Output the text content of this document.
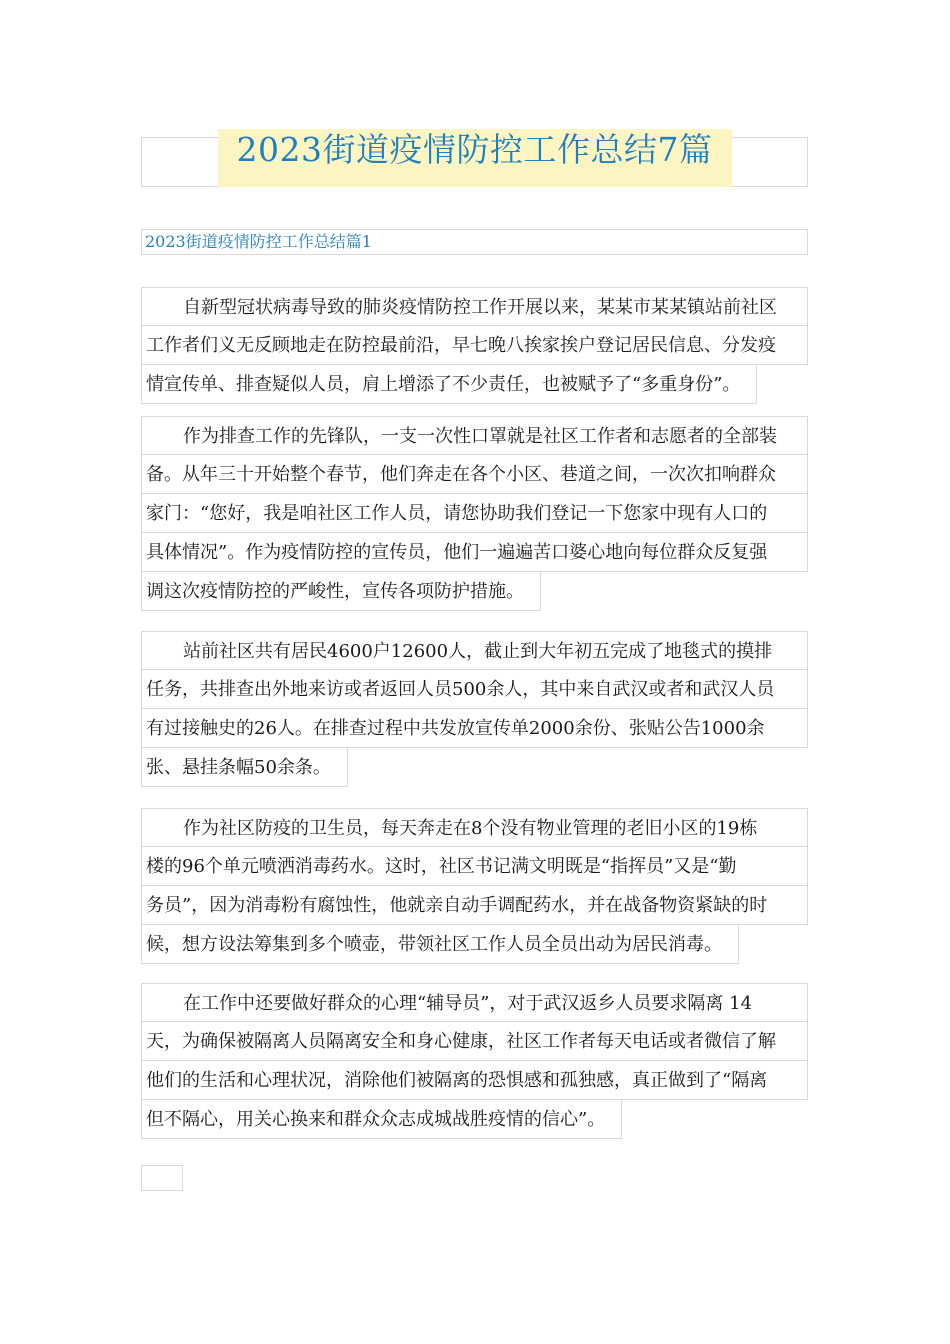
2023街道疫情防控工作总结7篇
2023街道疫情防控工作总结篇1
自新型冠状病毒导致的肺炎疫情防控工作开展以来，某某市某某镇站前社区
工作者们义无反顾地走在防控最前沿，早七晚八挨家挨户登记居民信息、分发疫
情宣传单、排查疑似人员，肩上增添了不少责任，也被赋予了“多重身份”。
作为排查工作的先锋队，一支一次性口罩就是社区工作者和志愿者的全部装
备。从年三十开始整个春节，他们奔走在各个小区、巷道之间，一次次扣响群众
家门：“您好，我是咱社区工作人员，请您协助我们登记一下您家中现有人口的
具体情况”。作为疫情防控的宣传员，他们一遍遍苦口婆心地向每位群众反复强
调这次疫情防控的严峻性，宣传各项防护措施。
站前社区共有居民4600户12600人，截止到大年初五完成了地毯式的摸排
任务，共排查出外地来访或者返回人员500余人，其中来自武汉或者和武汉人员
有过接触史的26人。在排查过程中共发放宣传单2000余份、张贴公告1000余
张、悬挂条幅50余条。
作为社区防疫的卫生员，每天奔走在8个没有物业管理的老旧小区的19栋
楼的96个单元喷洒消毒药水。这时，社区书记满文明既是“指挥员”又是“勤
务员”，因为消毒粉有腐蚀性，他就亲自动手调配药水，并在战备物资紧缺的时
候，想方设法筹集到多个喷壶，带领社区工作人员全员出动为居民消毒。
在工作中还要做好群众的心理“辅导员”，对于武汉返乡人员要求隔离 14
天，为确保被隔离人员隔离安全和身心健康，社区工作者每天电话或者微信了解
他们的生活和心理状况，消除他们被隔离的恐惧感和孤独感，真正做到了“隔离
但不隔心，用关心换来和群众众志成城战胜疫情的信心”。
